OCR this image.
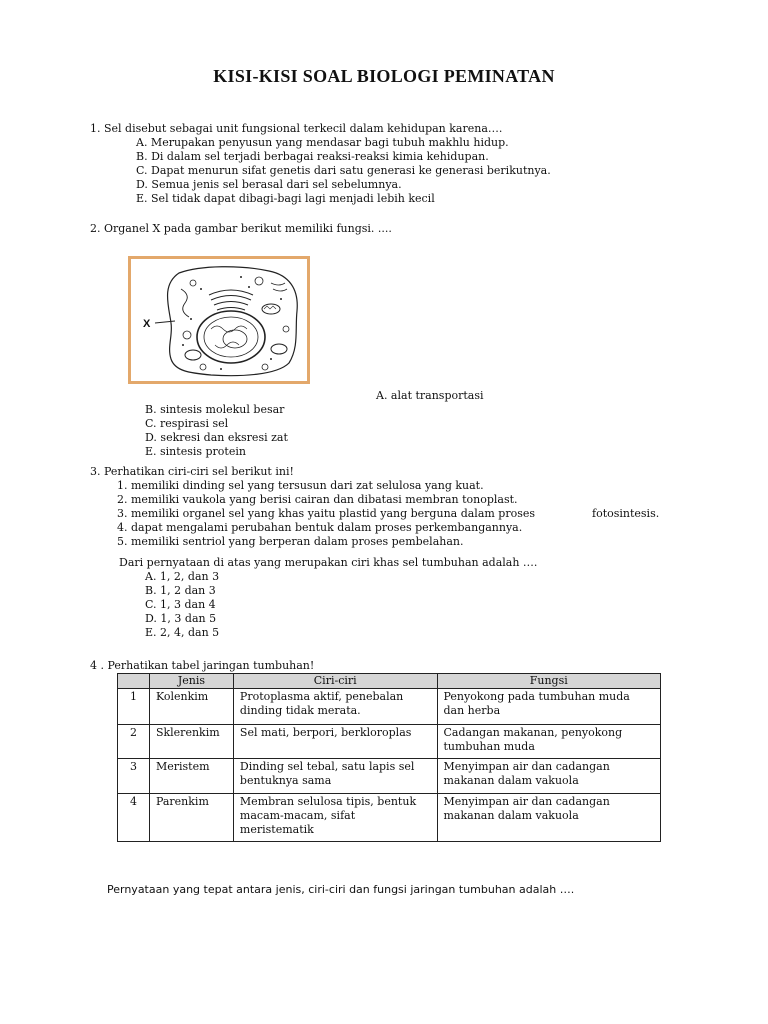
KISI-KISI SOAL BIOLOGI PEMINATAN
1. Sel disebut sebagai unit fungsional terkecil dalam kehidupan karena….
A. Merupakan penyusun yang mendasar bagi tubuh makhlu hidup.
B. Di dalam sel terjadi berbagai reaksi-reaksi kimia kehidupan.
C. Dapat menurun sifat genetis dari satu generasi ke generasi berikutnya.
D. Semua jenis sel berasal dari sel sebelumnya.
E. Sel tidak dapat dibagi-bagi lagi menjadi lebih kecil
2. Organel X pada gambar berikut memiliki fungsi. ....
X
A. alat transportasi
B. sintesis molekul besar
C. respirasi sel
D. sekresi dan eksresi zat
E. sintesis protein
3. Perhatikan ciri-ciri sel berikut ini!
1. memiliki dinding sel yang tersusun dari zat selulosa yang kuat.
2. memiliki vaukola yang berisi cairan dan dibatasi membran tonoplast.
3. memiliki organel sel yang khas yaitu plastid yang berguna dalam proses	fotosintesis.
4. dapat mengalami perubahan bentuk dalam proses perkembangannya.
5. memiliki sentriol yang berperan dalam proses pembelahan.
Dari pernyataan di atas yang merupakan ciri khas sel tumbuhan adalah ….
A. 1, 2, dan 3
B. 1, 2 dan 3
C. 1, 3 dan 4
D. 1, 3 dan 5
E. 2, 4, dan 5
4 . Perhatikan tabel jaringan tumbuhan!
	Jenis	Ciri-ciri	Fungsi
1	Kolenkim	Protoplasma aktif, penebalan dinding tidak merata.	Penyokong pada tumbuhan muda dan herba
2	Sklerenkim	Sel mati, berpori, berkloroplas	Cadangan makanan, penyokong tumbuhan muda
3	Meristem	Dinding sel tebal, satu lapis sel bentuknya sama	Menyimpan air dan cadangan makanan dalam vakuola
4	Parenkim	Membran selulosa tipis, bentuk macam-macam, sifat meristematik	Menyimpan air dan cadangan makanan dalam vakuola
Pernyataan yang tepat antara jenis, ciri-ciri dan fungsi jaringan tumbuhan adalah ….
